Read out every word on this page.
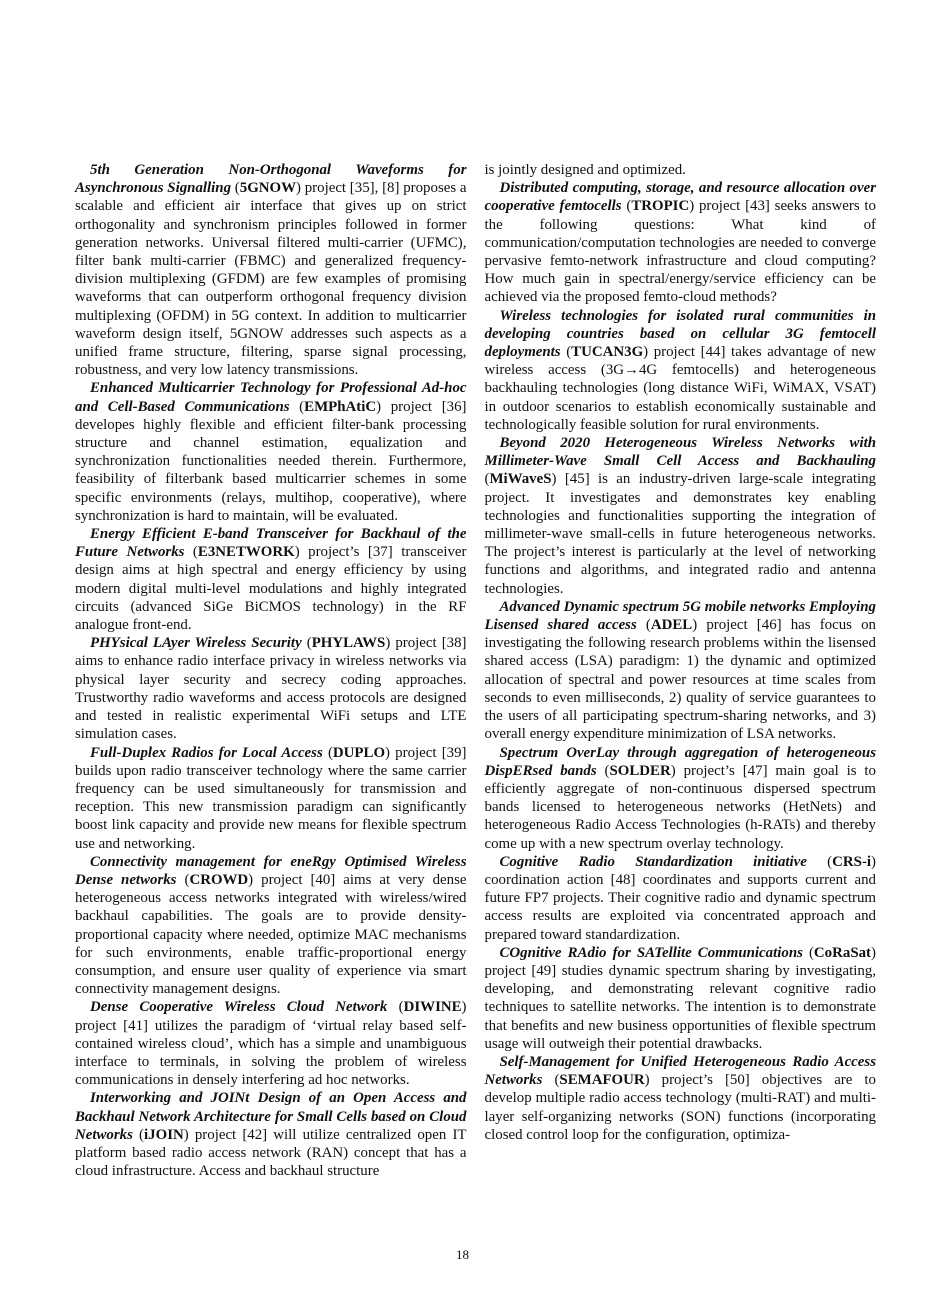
5th Generation Non-Orthogonal Waveforms for Asynchronous Signalling (5GNOW) project [35], [8] proposes a scalable and efficient air interface that gives up on strict orthogonality and synchronism principles followed in former generation networks. Universal filtered multi-carrier (UFMC), filter bank multi-carrier (FBMC) and generalized frequency-division multiplexing (GFDM) are few examples of promising waveforms that can outperform orthogonal frequency division multiplexing (OFDM) in 5G context. In addition to multicarrier waveform design itself, 5GNOW addresses such aspects as a unified frame structure, filtering, sparse signal processing, robustness, and very low latency transmissions.

Enhanced Multicarrier Technology for Professional Ad-hoc and Cell-Based Communications (EMPhAtiC) project [36] developes highly flexible and efficient filter-bank processing structure and channel estimation, equalization and synchronization functionalities needed therein. Furthermore, feasibility of filterbank based multicarrier schemes in some specific environments (relays, multihop, cooperative), where synchronization is hard to maintain, will be evaluated.

Energy Efficient E-band Transceiver for Backhaul of the Future Networks (E3NETWORK) project’s [37] transceiver design aims at high spectral and energy efficiency by using modern digital multi-level modulations and highly integrated circuits (advanced SiGe BiCMOS technology) in the RF analogue front-end.

PHYsical LAyer Wireless Security (PHYLAWS) project [38] aims to enhance radio interface privacy in wireless networks via physical layer security and secrecy coding approaches. Trustworthy radio waveforms and access protocols are designed and tested in realistic experimental WiFi setups and LTE simulation cases.

Full-Duplex Radios for Local Access (DUPLO) project [39] builds upon radio transceiver technology where the same carrier frequency can be used simultaneously for transmission and reception. This new transmission paradigm can significantly boost link capacity and provide new means for flexible spectrum use and networking.

Connectivity management for eneRgy Optimised Wireless Dense networks (CROWD) project [40] aims at very dense heterogeneous access networks integrated with wireless/wired backhaul capabilities. The goals are to provide density-proportional capacity where needed, optimize MAC mechanisms for such environments, enable traffic-proportional energy consumption, and ensure user quality of experience via smart connectivity management designs.

Dense Cooperative Wireless Cloud Network (DIWINE) project [41] utilizes the paradigm of ‘virtual relay based self-contained wireless cloud’, which has a simple and unambiguous interface to terminals, in solving the problem of wireless communications in densely interfering ad hoc networks.

Interworking and JOINt Design of an Open Access and Backhaul Network Architecture for Small Cells based on Cloud Networks (iJOIN) project [42] will utilize centralized open IT platform based radio access network (RAN) concept that has a cloud infrastructure. Access and backhaul structure

is jointly designed and optimized.

Distributed computing, storage, and resource allocation over cooperative femtocells (TROPIC) project [43] seeks answers to the following questions: What kind of communication/computation technologies are needed to converge pervasive femto-network infrastructure and cloud computing? How much gain in spectral/energy/service efficiency can be achieved via the proposed femto-cloud methods?

Wireless technologies for isolated rural communities in developing countries based on cellular 3G femtocell deployments (TUCAN3G) project [44] takes advantage of new wireless access (3G→4G femtocells) and heterogeneous backhauling technologies (long distance WiFi, WiMAX, VSAT) in outdoor scenarios to establish economically sustainable and technologically feasible solution for rural environments.

Beyond 2020 Heterogeneous Wireless Networks with Millimeter-Wave Small Cell Access and Backhauling (MiWaveS) [45] is an industry-driven large-scale integrating project. It investigates and demonstrates key enabling technologies and functionalities supporting the integration of millimeter-wave small-cells in future heterogeneous networks. The project’s interest is particularly at the level of networking functions and algorithms, and integrated radio and antenna technologies.

Advanced Dynamic spectrum 5G mobile networks Employing Lisensed shared access (ADEL) project [46] has focus on investigating the following research problems within the lisensed shared access (LSA) paradigm: 1) the dynamic and optimized allocation of spectral and power resources at time scales from seconds to even milliseconds, 2) quality of service guarantees to the users of all participating spectrum-sharing networks, and 3) overall energy expenditure minimization of LSA networks.

Spectrum OverLay through aggregation of heterogeneous DispERsed bands (SOLDER) project’s [47] main goal is to efficiently aggregate of non-continuous dispersed spectrum bands licensed to heterogeneous networks (HetNets) and heterogeneous Radio Access Technologies (h-RATs) and thereby come up with a new spectrum overlay technology.

Cognitive Radio Standardization initiative (CRS-i) coordination action [48] coordinates and supports current and future FP7 projects. Their cognitive radio and dynamic spectrum access results are exploited via concentrated approach and prepared toward standardization.

COgnitive RAdio for SATellite Communications (CoRaSat) project [49] studies dynamic spectrum sharing by investigating, developing, and demonstrating relevant cognitive radio techniques to satellite networks. The intention is to demonstrate that benefits and new business opportunities of flexible spectrum usage will outweigh their potential drawbacks.

Self-Management for Unified Heterogeneous Radio Access Networks (SEMAFOUR) project’s [50] objectives are to develop multiple radio access technology (multi-RAT) and multi-layer self-organizing networks (SON) functions (incorporating closed control loop for the configuration, optimiza-

18
